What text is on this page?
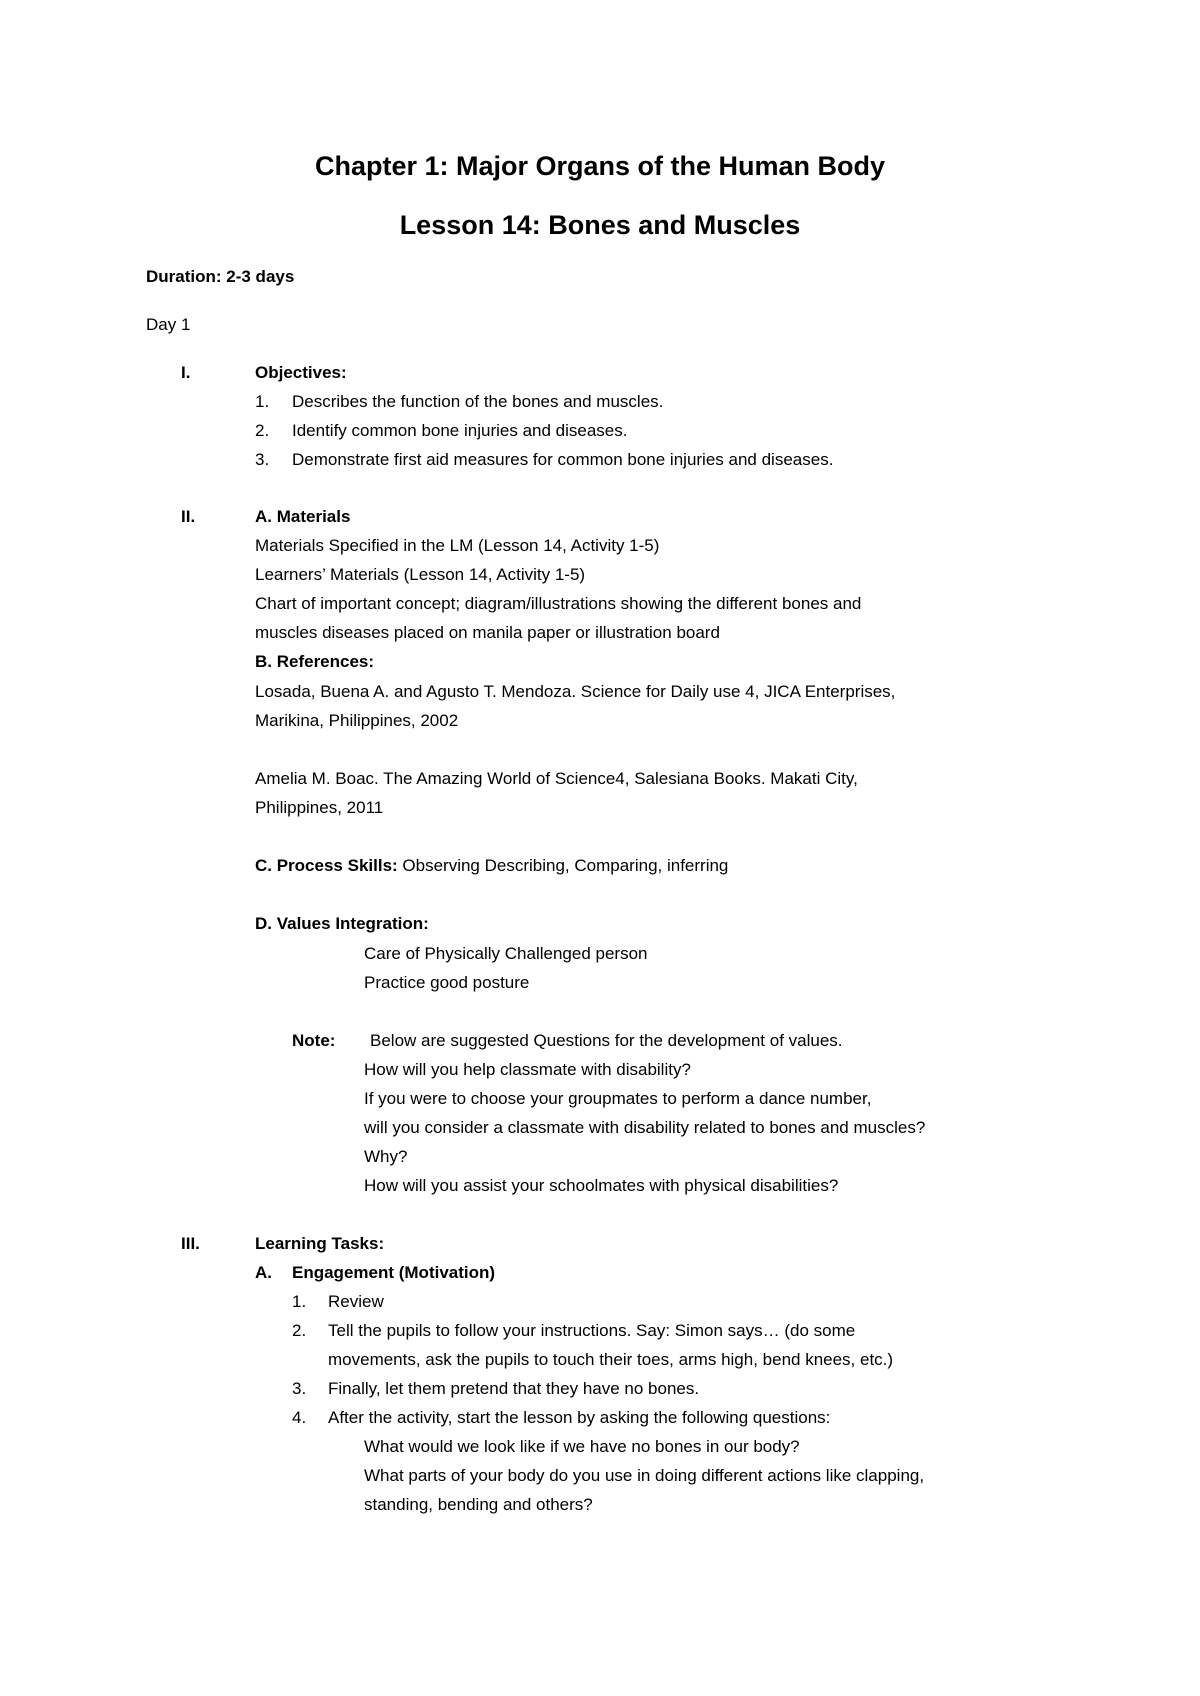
Chapter 1: Major Organs of the Human Body
Lesson 14: Bones and Muscles
Duration: 2-3 days
Day 1
I.	Objectives:
1. Describes the function of the bones and muscles.
2. Identify common bone injuries and diseases.
3. Demonstrate first aid measures for common bone injuries and diseases.
II.	A. Materials
Materials Specified in the LM (Lesson 14, Activity 1-5)
Learners’ Materials (Lesson 14, Activity 1-5)
Chart of important concept; diagram/illustrations showing the different bones and
muscles diseases placed on manila paper or illustration board
B. References:
Losada, Buena A. and Agusto T. Mendoza. Science for Daily use 4, JICA Enterprises,
Marikina, Philippines, 2002
Amelia M. Boac. The Amazing World of Science4, Salesiana Books. Makati City,
Philippines, 2011
C. Process Skills: Observing Describing, Comparing, inferring
D. Values Integration:
Care of Physically Challenged person
Practice good posture
Note: Below are suggested Questions for the development of values.
How will you help classmate with disability?
If you were to choose your groupmates to perform a dance number,
will you consider a classmate with disability related to bones and muscles?
Why?
How will you assist your schoolmates with physical disabilities?
III.	Learning Tasks:
A. Engagement (Motivation)
1. Review
2. Tell the pupils to follow your instructions. Say: Simon says… (do some
movements, ask the pupils to touch their toes, arms high, bend knees, etc.)
3. Finally, let them pretend that they have no bones.
4. After the activity, start the lesson by asking the following questions:
What would we look like if we have no bones in our body?
What parts of your body do you use in doing different actions like clapping,
standing, bending and others?
